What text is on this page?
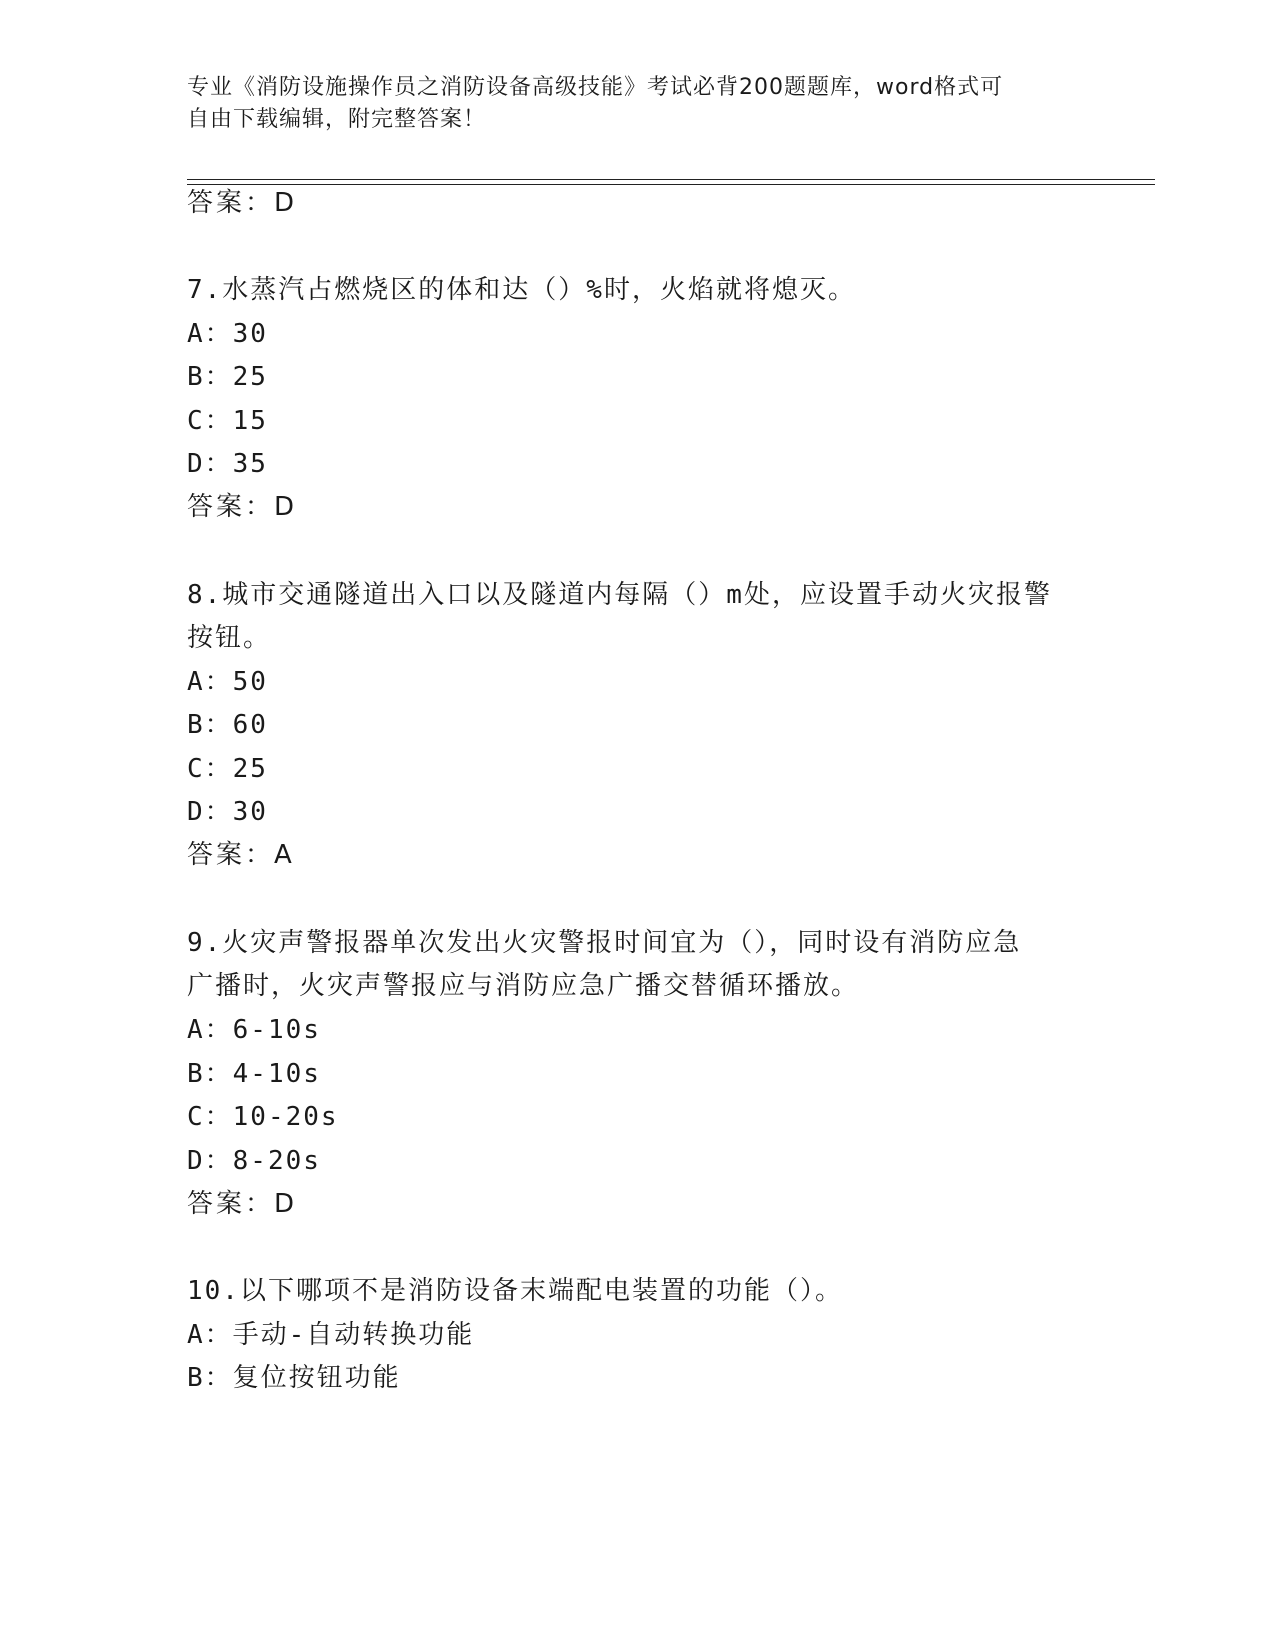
专业《消防设施操作员之消防设备高级技能》考试必背200题题库，word格式可
自由下载编辑，附完整答案！
答案：D
7.水蒸汽占燃烧区的体和达（）%时，火焰就将熄灭。
A：30
B：25
C：15
D：35
答案：D
8.城市交通隧道出入口以及隧道内每隔（）m处，应设置手动火灾报警
按钮。
A：50
B：60
C：25
D：30
答案：A
9.火灾声警报器单次发出火灾警报时间宜为（），同时设有消防应急
广播时，火灾声警报应与消防应急广播交替循环播放。
A：6-10s
B：4-10s
C：10-20s
D：8-20s
答案：D
10.以下哪项不是消防设备末端配电装置的功能（）。
A：手动-自动转换功能
B：复位按钮功能
